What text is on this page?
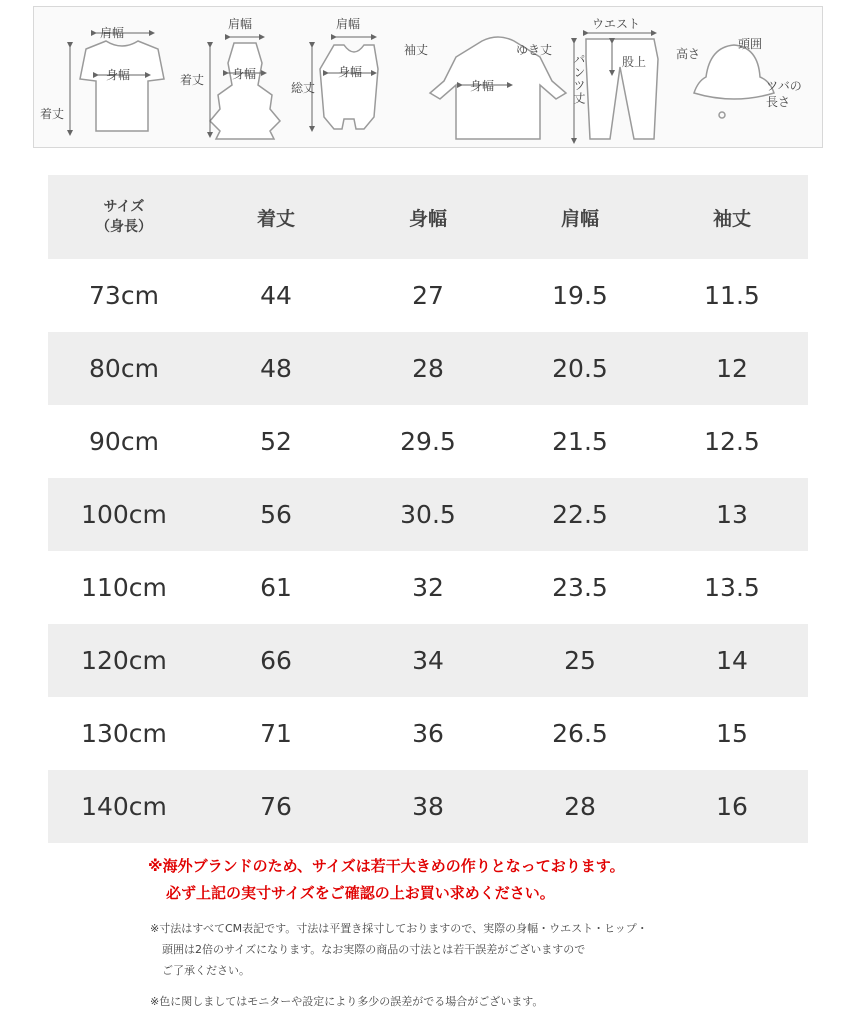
肩幅
身幅
着丈
肩幅
身幅
着丈
肩幅
身幅
総丈
袖丈	ゆき丈
身幅
ウエスト
股上
パンツ丈	高さ
頭囲
ツバの
長さ
サイズ
（身長）	着丈	身幅	肩幅	袖丈
73cm	44	27	19.5	11.5
80cm	48	28	20.5	12
90cm	52	29.5	21.5	12.5
100cm	56	30.5	22.5	13
110cm	61	32	23.5	13.5
120cm	66	34	25	14
130cm	71	36	26.5	15
140cm	76	38	28	16
※海外ブランドのため、サイズは若干大きめの作りとなっております。
必ず上記の実寸サイズをご確認の上お買い求めください。
※寸法はすべてCM表記です。寸法は平置き採寸しておりますので、実際の身幅・ウエスト・ヒップ・
頭囲は2倍のサイズになります。なお実際の商品の寸法とは若干誤差がございますので
ご了承ください。
※色に関しましてはモニターや設定により多少の誤差がでる場合がございます。
